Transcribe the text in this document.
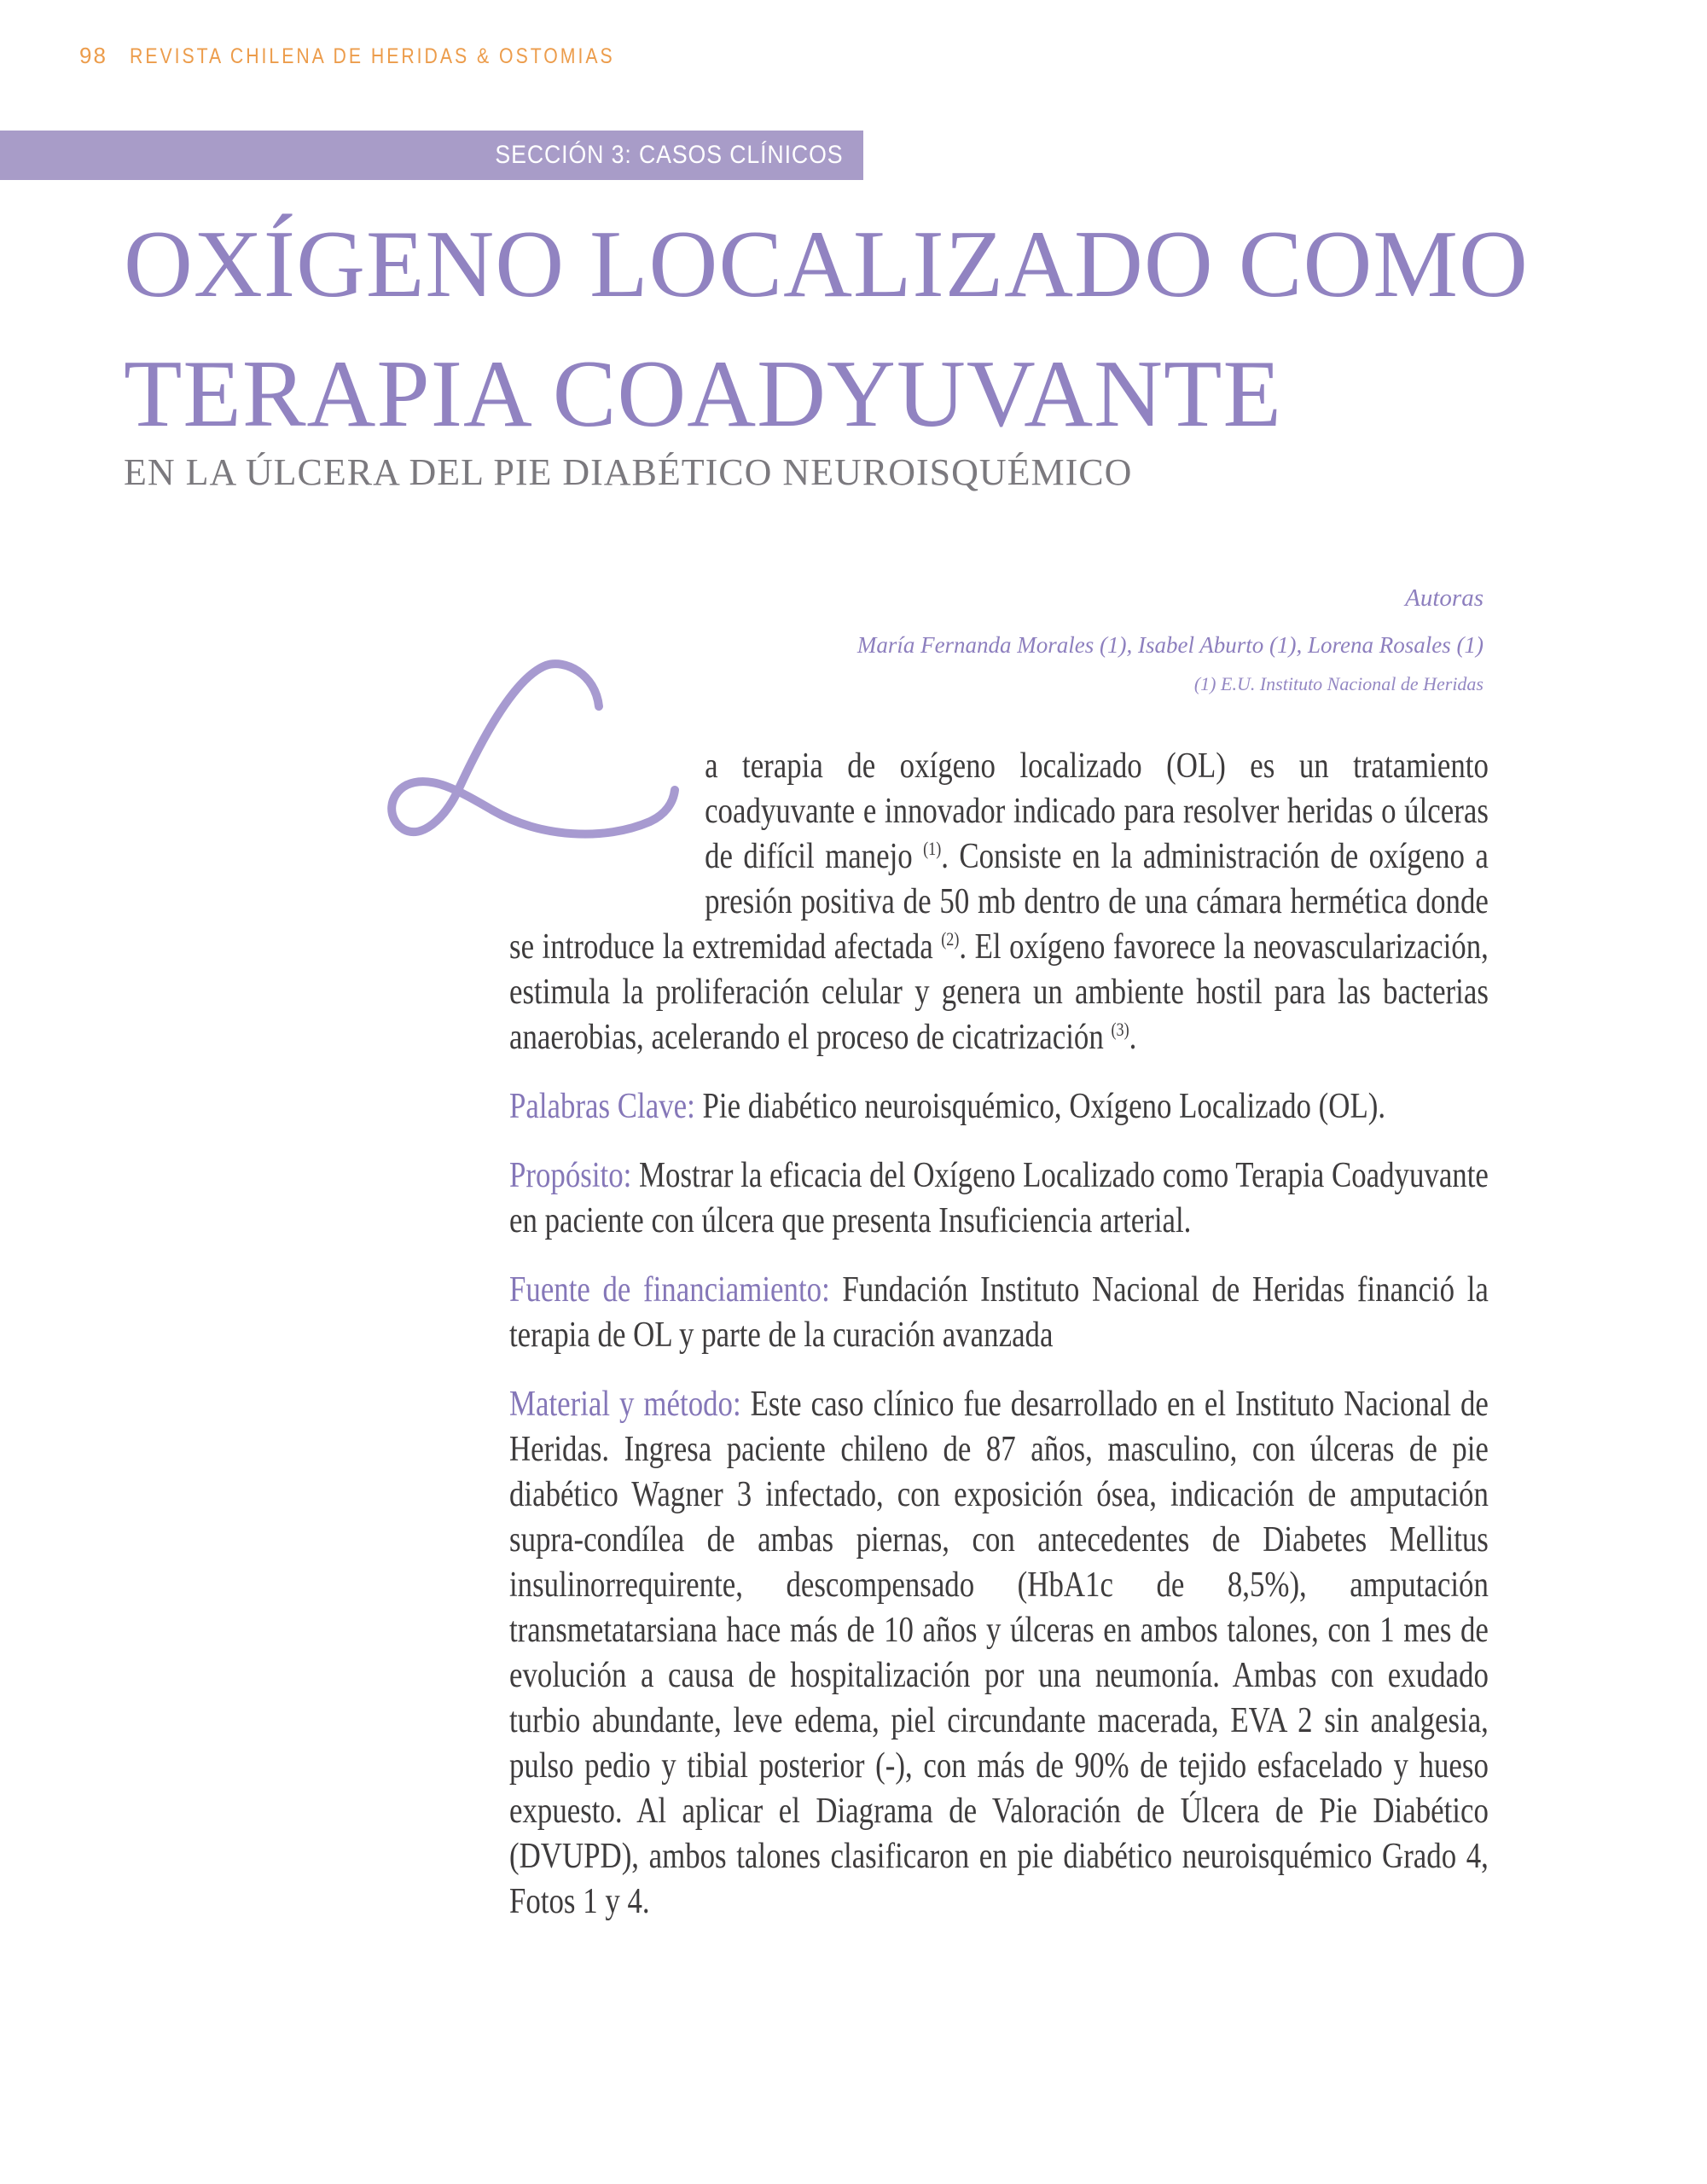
98 REVISTA CHILENA DE HERIDAS & OSTOMIAS
SECCIÓN 3: CASOS CLÍNICOS
OXÍGENO LOCALIZADO COMO
TERAPIA COADYUVANTE
EN LA ÚLCERA DEL PIE DIABÉTICO NEUROISQUÉMICO
Autoras
María Fernanda Morales (1), Isabel Aburto (1), Lorena Rosales (1)
(1) E.U. Instituto Nacional de Heridas

a terapia de oxígeno localizado (OL) es un tratamiento coadyuvante e innovador indicado para resolver heridas o úlceras de difícil manejo $^{(1)}$. Consiste en la administración de oxígeno a presión positiva de 50 mb dentro de una cámara hermética donde se introduce la extremidad afectada $^{(2)}$. El oxígeno favorece la neovascularización, estimula la proliferación celular y genera un ambiente hostil para las bacterias anaerobias, acelerando el proceso de cicatrización $^{(3)}$.

Palabras Clave: Pie diabético neuroisquémico, Oxígeno Localizado (OL).

Propósito: Mostrar la eficacia del Oxígeno Localizado como Terapia Coadyuvante en paciente con úlcera que presenta Insuficiencia arterial.

Fuente de financiamiento: Fundación Instituto Nacional de Heridas financió la terapia de OL y parte de la curación avanzada

Material y método: Este caso clínico fue desarrollado en el Instituto Nacional de Heridas. Ingresa paciente chileno de 87 años, masculino, con úlceras de pie diabético Wagner 3 infectado, con exposición ósea, indicación de amputación supra-condílea de ambas piernas, con antecedentes de Diabetes Mellitus insulinorrequirente, descompensado (HbA1c de 8,5%), amputación transmetatarsiana hace más de 10 años y úlceras en ambos talones, con 1 mes de evolución a causa de hospitalización por una neumonía. Ambas con exudado turbio abundante, leve edema, piel circundante macerada, EVA 2 sin analgesia, pulso pedio y tibial posterior (-), con más de 90% de tejido esfacelado y hueso expuesto. Al aplicar el Diagrama de Valoración de Úlcera de Pie Diabético (DVUPD), ambos talones clasificaron en pie diabético neuroisquémico Grado 4, Fotos 1 y 4.
